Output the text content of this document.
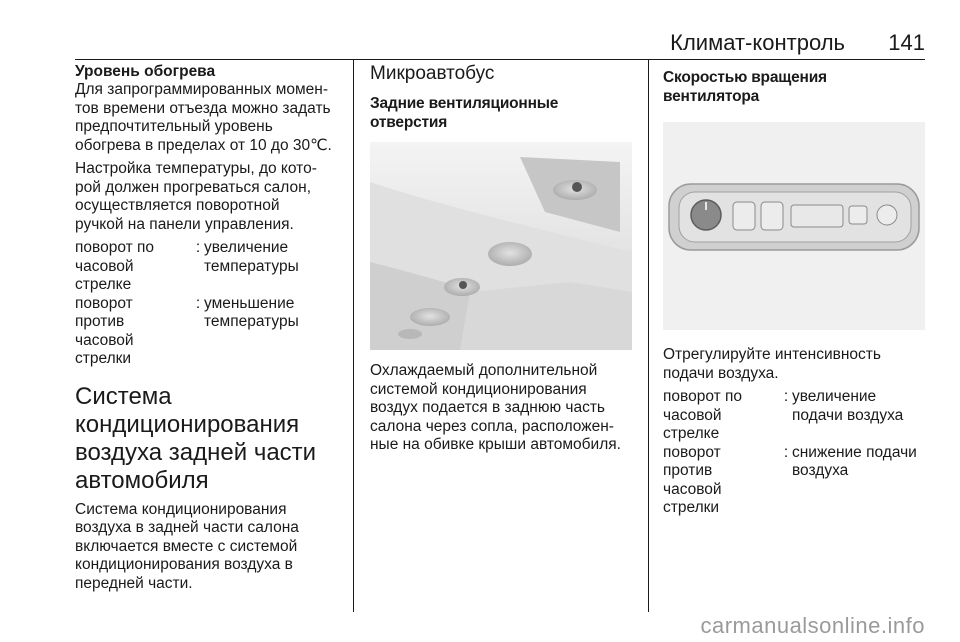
Климат-контроль 141
Уровень обогрева
Для запрограммированных момен-
тов времени отъезда можно задать
предпочтительный уровень
обогрева в пределах от 10 до 30℃.
Настройка температуры, до кото-
рой должен прогреваться салон,
осуществляется поворотной
ручкой на панели управления.
поворот по
часовой
стрелке
: увеличение
температуры
поворот
против
часовой
стрелки
: уменьшение
температуры
Система
кондиционирования
воздуха задней части
автомобиля
Система кондиционирования
воздуха в задней части салона
включается вместе с системой
кондиционирования воздуха в
передней части.
Микроавтобус
Задние вентиляционные отверстия
Охлаждаемый дополнительной
системой кондиционирования
воздух подается в заднюю часть
салона через сопла, расположен-
ные на обивке крыши автомобиля.
Скоростью вращения вентилятора
Отрегулируйте интенсивность
подачи воздуха.
поворот по
часовой
стрелке
: увеличение
подачи воздуха
поворот
против
часовой
стрелки
: снижение подачи
воздуха
carmanualsonline.info
